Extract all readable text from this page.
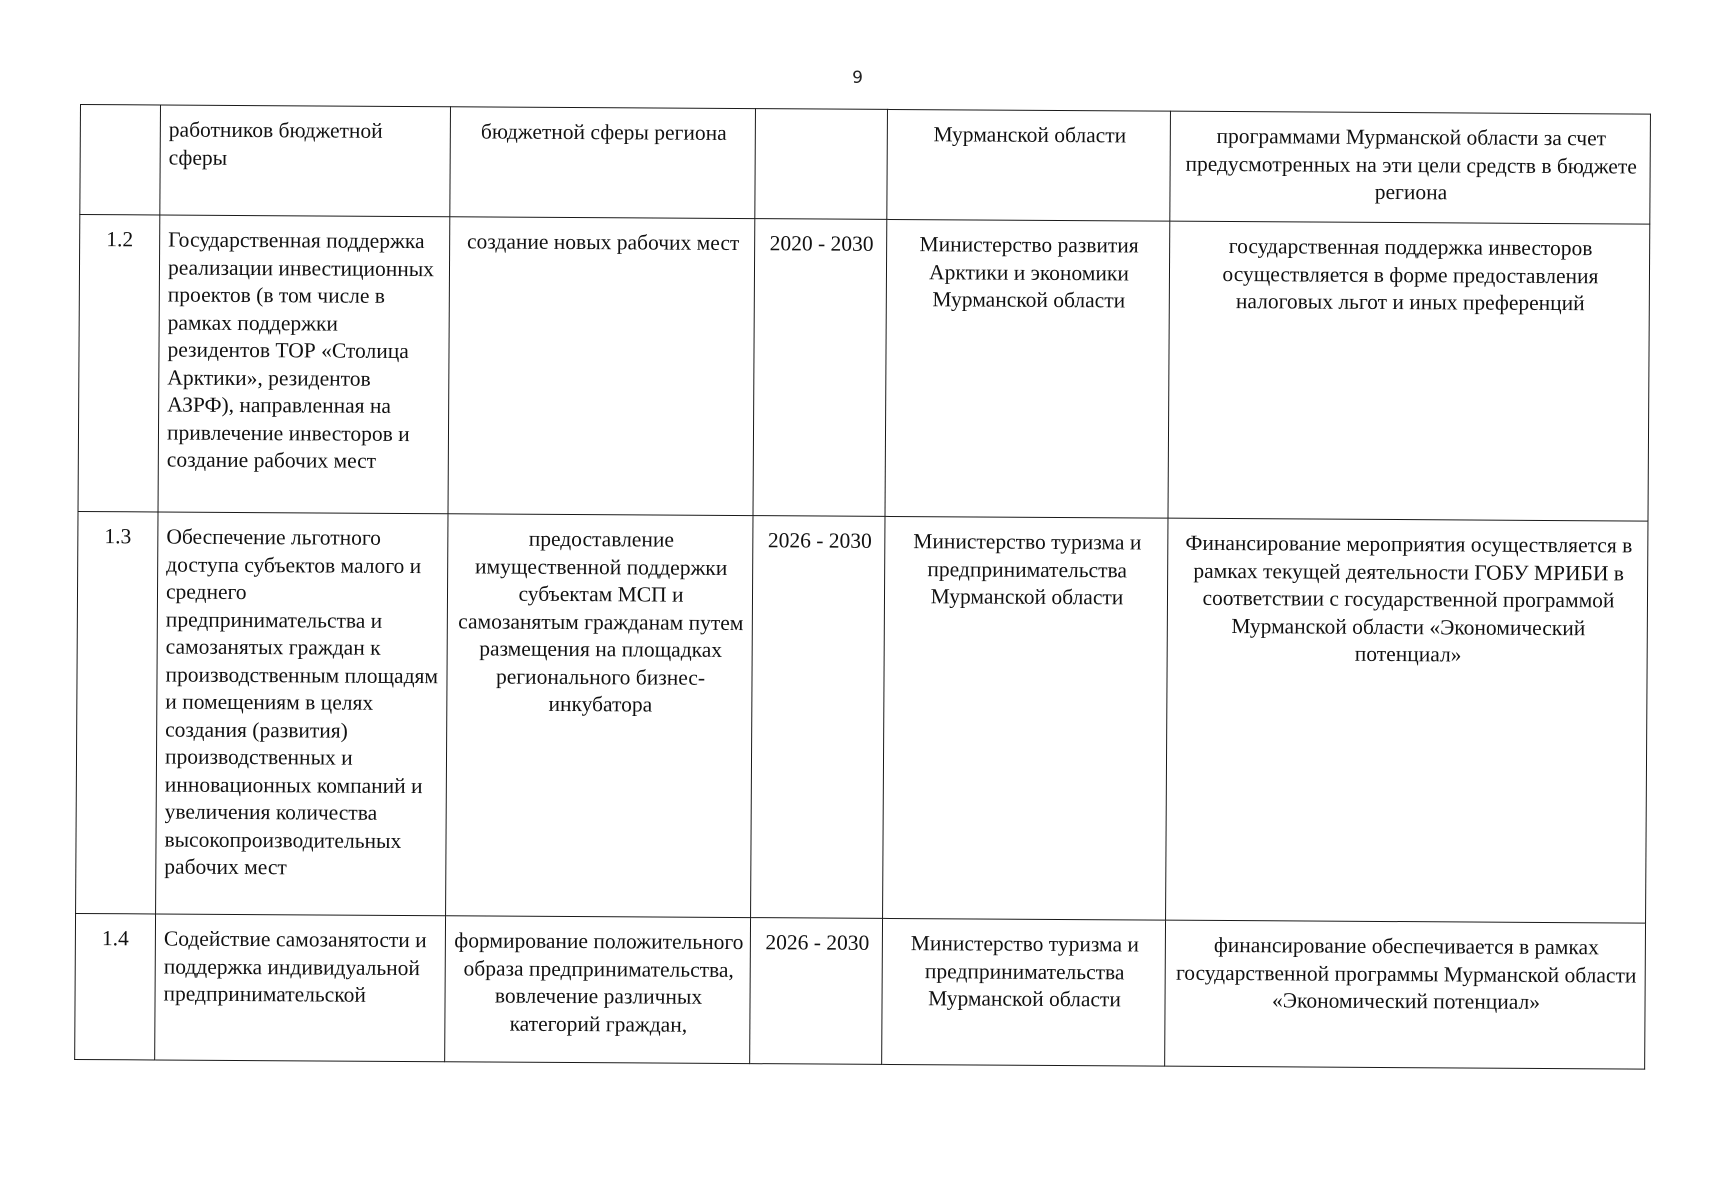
9
	работников бюджетной сферы	бюджетной сферы региона		Мурманской области	программами Мурманской области за счет предусмотренных на эти цели средств в бюджете региона
1.2	Государственная поддержка реализации инвестиционных проектов (в том числе в рамках поддержки резидентов ТОР «Столица Арктики», резидентов АЗРФ), направленная на привлечение инвесторов и создание рабочих мест	создание новых рабочих мест	2020 - 2030	Министерство развития Арктики и экономики Мурманской области	государственная поддержка инвесторов осуществляется в форме предоставления налоговых льгот и иных преференций
1.3	Обеспечение льготного доступа субъектов малого и среднего предпринимательства и самозанятых граждан к производственным площадям и помещениям в целях создания (развития) производственных и инновационных компаний и увеличения количества высокопроизводительных рабочих мест	предоставление имущественной поддержки субъектам МСП и самозанятым гражданам путем размещения на площадках регионального бизнес-инкубатора	2026 - 2030	Министерство туризма и предпринимательства Мурманской области	Финансирование мероприятия осуществляется в рамках текущей деятельности ГОБУ МРИБИ в соответствии с государственной программой Мурманской области «Экономический потенциал»
1.4	Содействие самозанятости и поддержка индивидуальной предпринимательской	формирование положительного образа предпринимательства, вовлечение различных категорий граждан,	2026 - 2030	Министерство туризма и предпринимательства Мурманской области	финансирование обеспечивается в рамках государственной программы Мурманской области «Экономический потенциал»
